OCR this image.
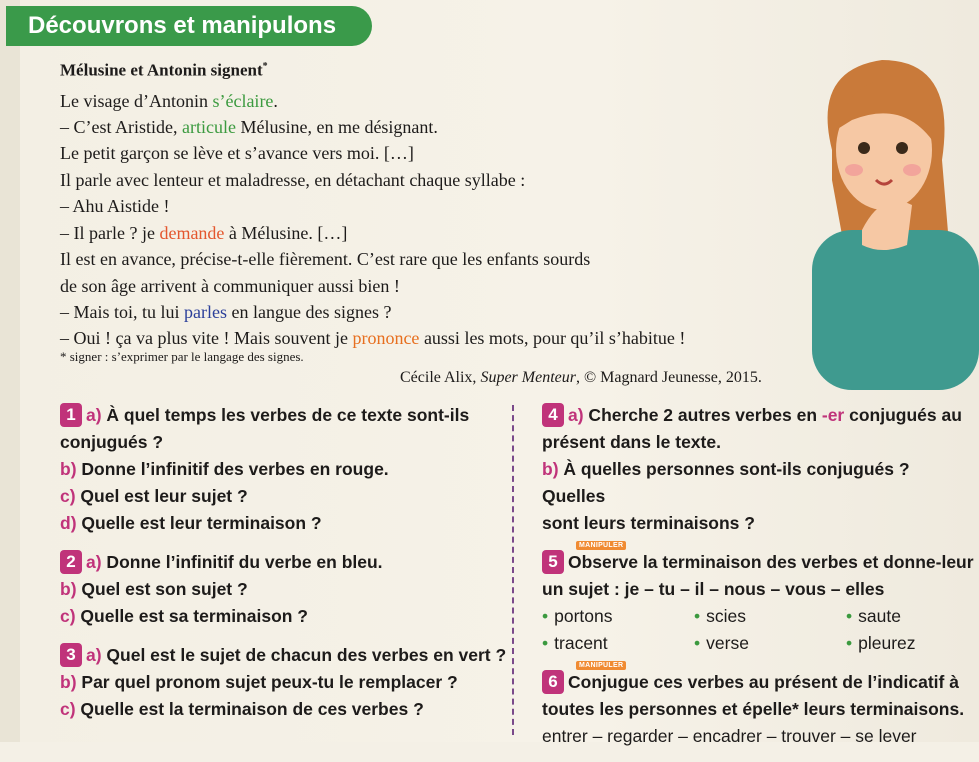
Découvrons et manipulons
Mélusine et Antonin signent*
Le visage d’Antonin s’éclaire.
– C’est Aristide, articule Mélusine, en me désignant.
Le petit garçon se lève et s’avance vers moi. […]
Il parle avec lenteur et maladresse, en détachant chaque syllabe :
– Ahu Aistide !
– Il parle ? je demande à Mélusine. […]
Il est en avance, précise-t-elle fièrement. C’est rare que les enfants sourds
de son âge arrivent à communiquer aussi bien !
– Mais toi, tu lui parles en langue des signes ?
– Oui ! ça va plus vite ! Mais souvent je prononce aussi les mots, pour qu’il s’habitue !
* signer : s’exprimer par le langage des signes.
Cécile Alix, Super Menteur, © Magnard Jeunesse, 2015.
1 a) À quel temps les verbes de ce texte sont-ils
conjugués ?
b) Donne l’infinitif des verbes en rouge.
c) Quel est leur sujet ?
d) Quelle est leur terminaison ?
2 a) Donne l’infinitif du verbe en bleu.
b) Quel est son sujet ?
c) Quelle est sa terminaison ?
3 a) Quel est le sujet de chacun des verbes en vert ?
b) Par quel pronom sujet peux-tu le remplacer ?
c) Quelle est la terminaison de ces verbes ?
4 a) Cherche 2 autres verbes en -er conjugués au
présent dans le texte.
b) À quelles personnes sont-ils conjugués ? Quelles
sont leurs terminaisons ?
MANIPULER
5 Observe la terminaison des verbes et donne-leur
un sujet : je – tu – il – nous – vous – elles
• portons	• scies	• saute
• tracent	• verse	• pleurez
MANIPULER
6 Conjugue ces verbes au présent de l’indicatif à
toutes les personnes et épelle* leurs terminaisons.
entrer – regarder – encadrer – trouver – se lever
